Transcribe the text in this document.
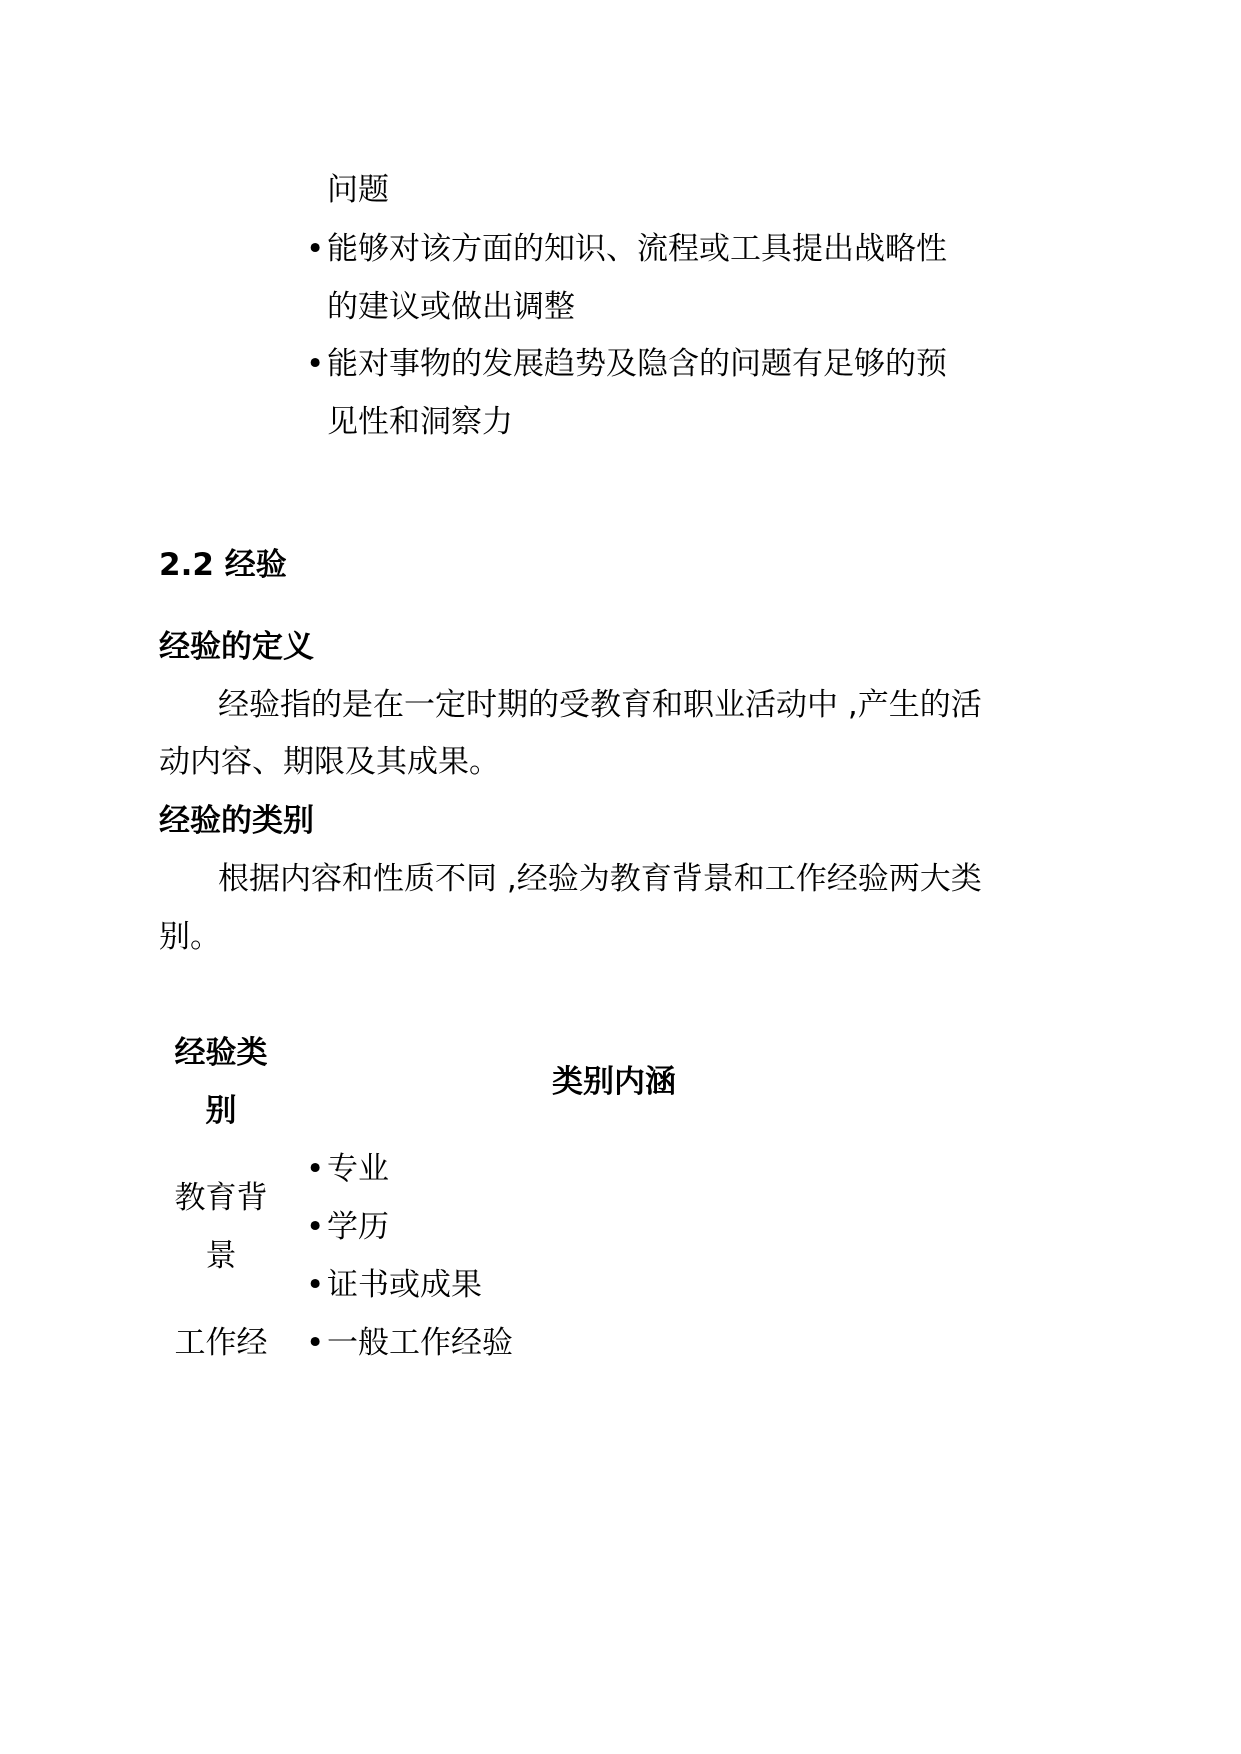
问题
• 能够对该方面的知识、流程或工具提出战略性
的建议或做出调整
• 能对事物的发展趋势及隐含的问题有足够的预
见性和洞察力
2.2 经验
经验的定义
经验指的是在一定时期的受教育和职业活动中 ,产生的活
动内容、期限及其成果。
经验的类别
根据内容和性质不同 ,经验为教育背景和工作经验两大类
别。
经验类
别
类别内涵
教育背
景
• 专业
• 学历
• 证书或成果
工作经	• 一般工作经验
